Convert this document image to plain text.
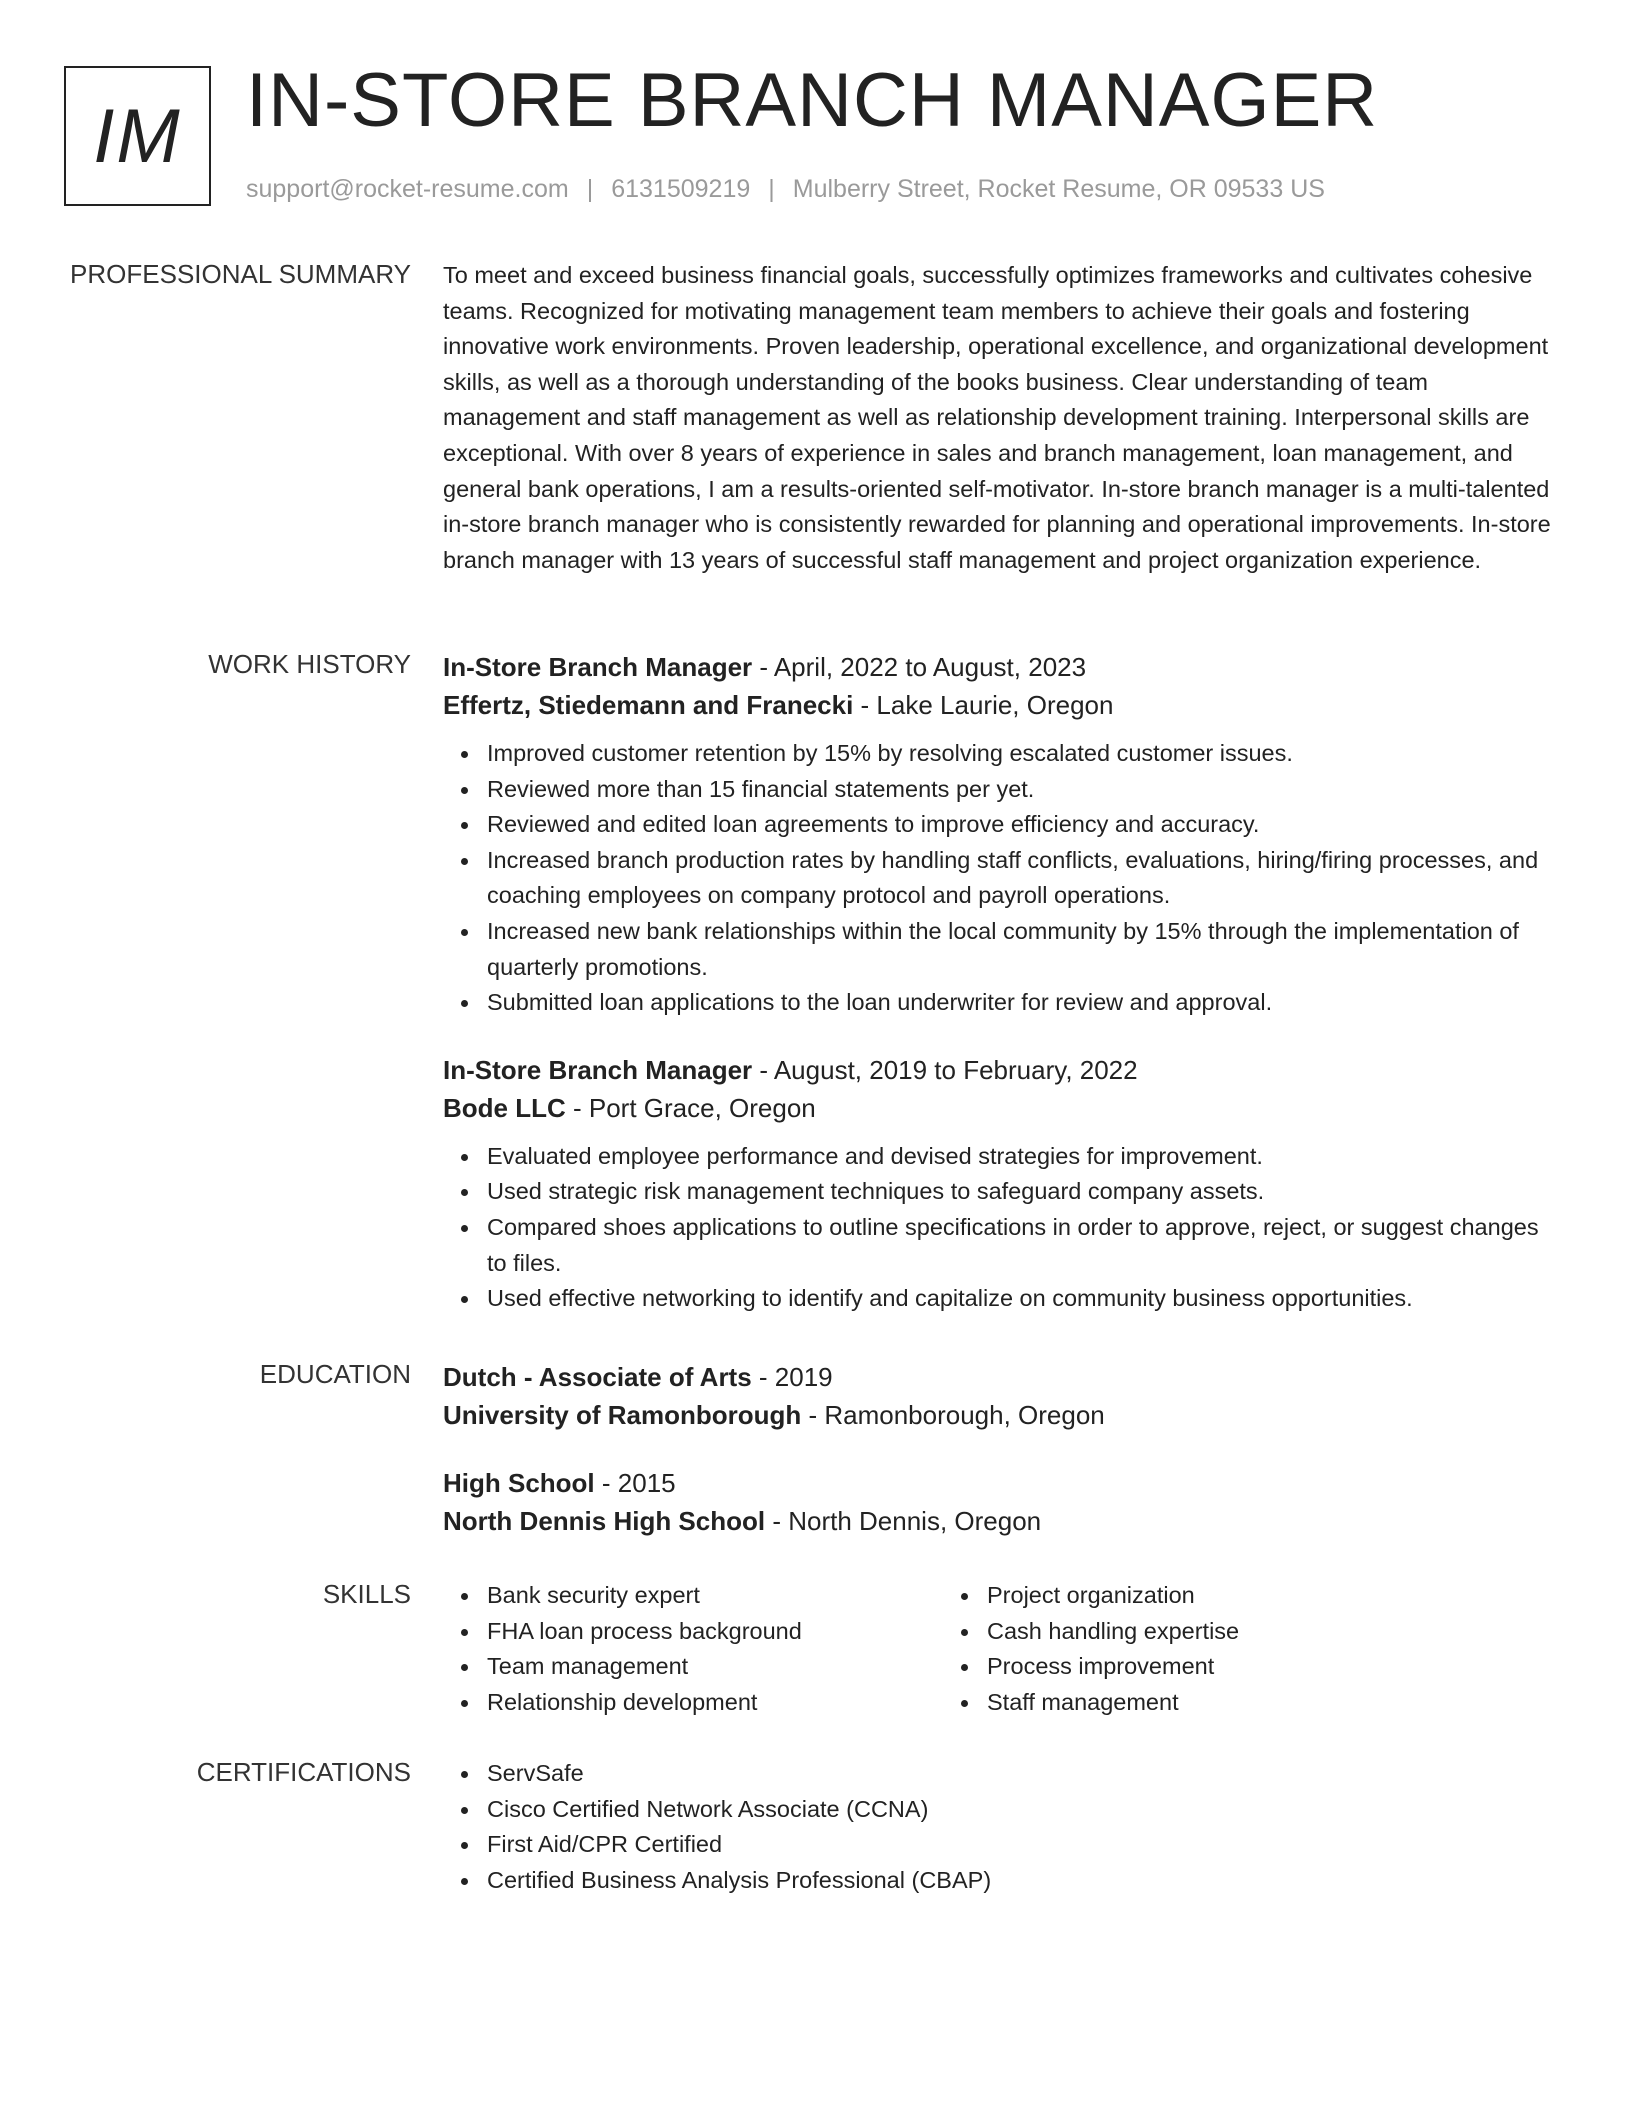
IM IN-STORE BRANCH MANAGER
support@rocket-resume.com | 6131509219 | Mulberry Street, Rocket Resume, OR 09533 US
PROFESSIONAL SUMMARY To meet and exceed business financial goals, successfully optimizes frameworks and cultivates cohesive teams. Recognized for motivating management team members to achieve their goals and fostering innovative work environments. Proven leadership, operational excellence, and organizational development skills, as well as a thorough understanding of the books business. Clear understanding of team management and staff management as well as relationship development training. Interpersonal skills are exceptional. With over 8 years of experience in sales and branch management, loan management, and general bank operations, I am a results-oriented self-motivator. In-store branch manager is a multi-talented in-store branch manager who is consistently rewarded for planning and operational improvements. In-store branch manager with 13 years of successful staff management and project organization experience.

WORK HISTORY In-Store Branch Manager - April, 2022 to August, 2023
Effertz, Stiedemann and Franecki - Lake Laurie, Oregon
Improved customer retention by 15% by resolving escalated customer issues.
Reviewed more than 15 financial statements per yet.
Reviewed and edited loan agreements to improve efficiency and accuracy.
Increased branch production rates by handling staff conflicts, evaluations, hiring/firing processes, and coaching employees on company protocol and payroll operations.
Increased new bank relationships within the local community by 15% through the implementation of quarterly promotions.
Submitted loan applications to the loan underwriter for review and approval.
In-Store Branch Manager - August, 2019 to February, 2022
Bode LLC - Port Grace, Oregon
Evaluated employee performance and devised strategies for improvement.
Used strategic risk management techniques to safeguard company assets.
Compared shoes applications to outline specifications in order to approve, reject, or suggest changes to files.
Used effective networking to identify and capitalize on community business opportunities.
EDUCATION Dutch - Associate of Arts - 2019
University of Ramonborough - Ramonborough, Oregon
High School - 2015
North Dennis High School - North Dennis, Oregon
SKILLS	Bank security expert
FHA loan process background
Team management
Relationship development
Project organization
Cash handling expertise
Process improvement
Staff management
CERTIFICATIONS	ServSafe
Cisco Certified Network Associate (CCNA)
First Aid/CPR Certified
Certified Business Analysis Professional (CBAP)
